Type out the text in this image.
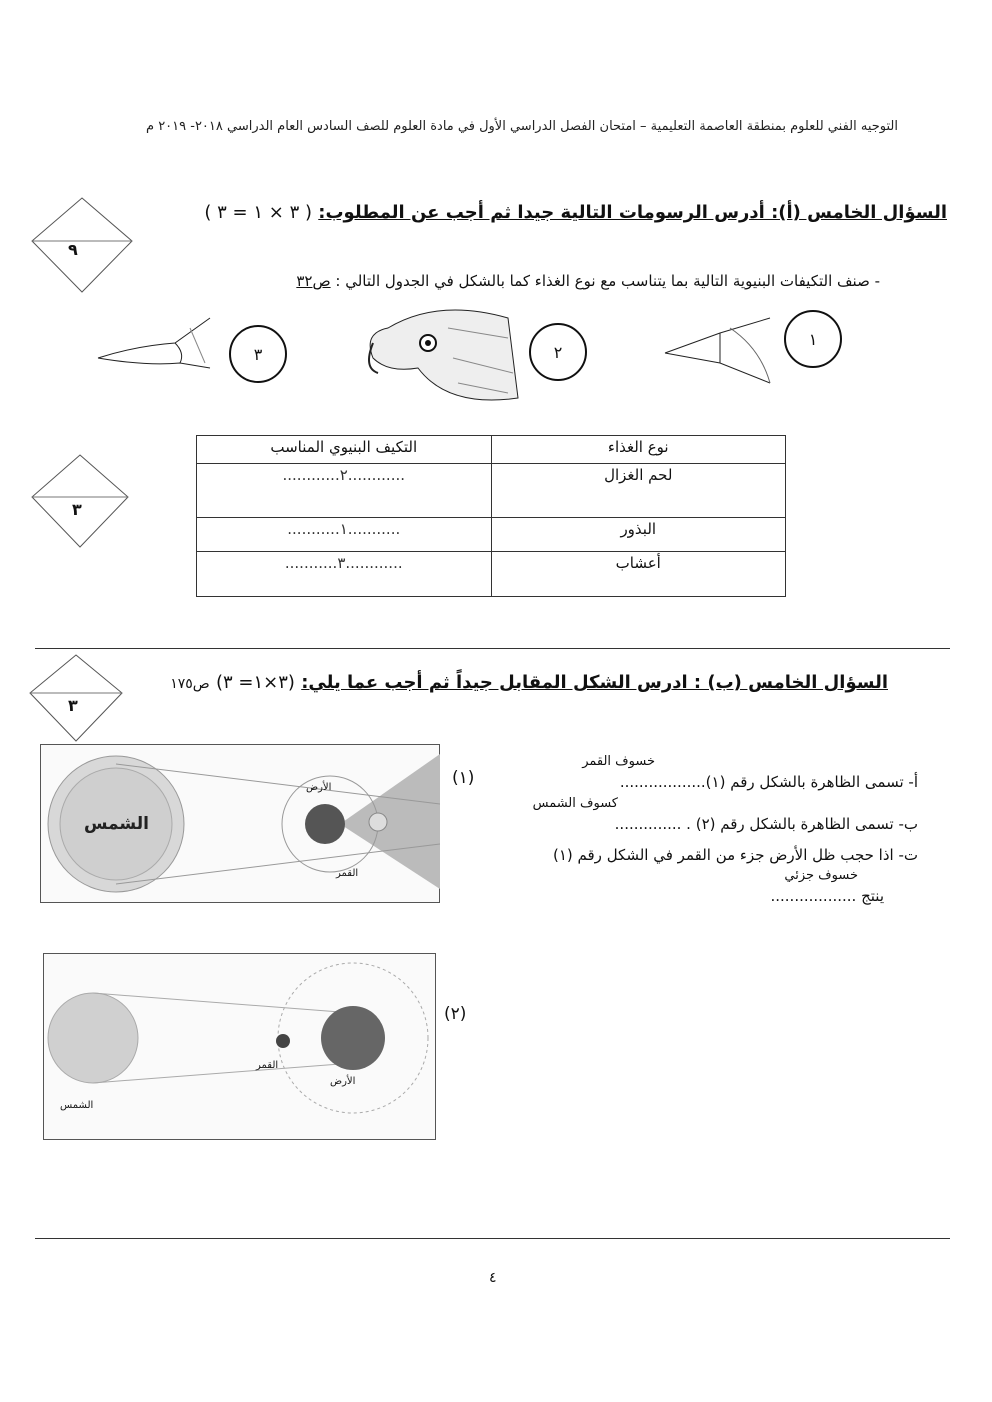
التوجيه الفني للعلوم بمنطقة العاصمة التعليمية – امتحان الفصل الدراسي الأول في مادة العلوم للصف السادس العام الدراسي ٢٠١٨- ٢٠١٩ م
٩
٣
السؤال الخامس (أ): أدرس الرسومات التالية جيدا ثم أجب عن المطلوب: ( ٣ × ١ = ٣ )
- صنف التكيفات البنيوية التالية بما يتناسب مع نوع الغذاء كما بالشكل في الجدول التالي : ص٣٢
١
٢
٣
نوع الغذاء	التكيف البنيوي المناسب
لحم الغزال	............٢............
البذور	...........١...........
أعشاب	............٣...........
٣
السؤال الخامس (ب) : ادرس الشكل المقابل جيداً ثم أجب عما يلي: (٣×١= ٣) ص١٧٥
الشمس
الأرض
القمر
(١)
الشمس
القمر
الأرض
(٢)
خسوف القمر
أ- تسمى الظاهرة بالشكل رقم (١)..................
كسوف الشمس
ب- تسمى الظاهرة بالشكل رقم (٢) . ..............
ت- اذا حجب ظل الأرض جزء من القمر في الشكل رقم (١)
خسوف جزئي
ينتج ..................
٤
